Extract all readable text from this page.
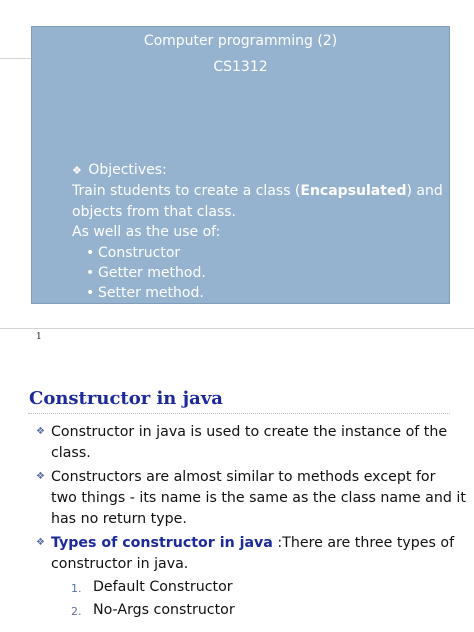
Computer programming (2)
CS1312
❖ Objectives:
Train students to create a class (Encapsulated) and
objects from that class.
As well as the use of:
• Constructor
• Getter method.
• Setter method.
1
Constructor in java
❖ Constructor in java is used to create the instance of the
class.
❖ Constructors are almost similar to methods except for
two things - its name is the same as the class name and it
has no return type.
❖ Types of constructor in java :There are three types of
constructor in java.
1. Default Constructor
2. No-Args constructor
